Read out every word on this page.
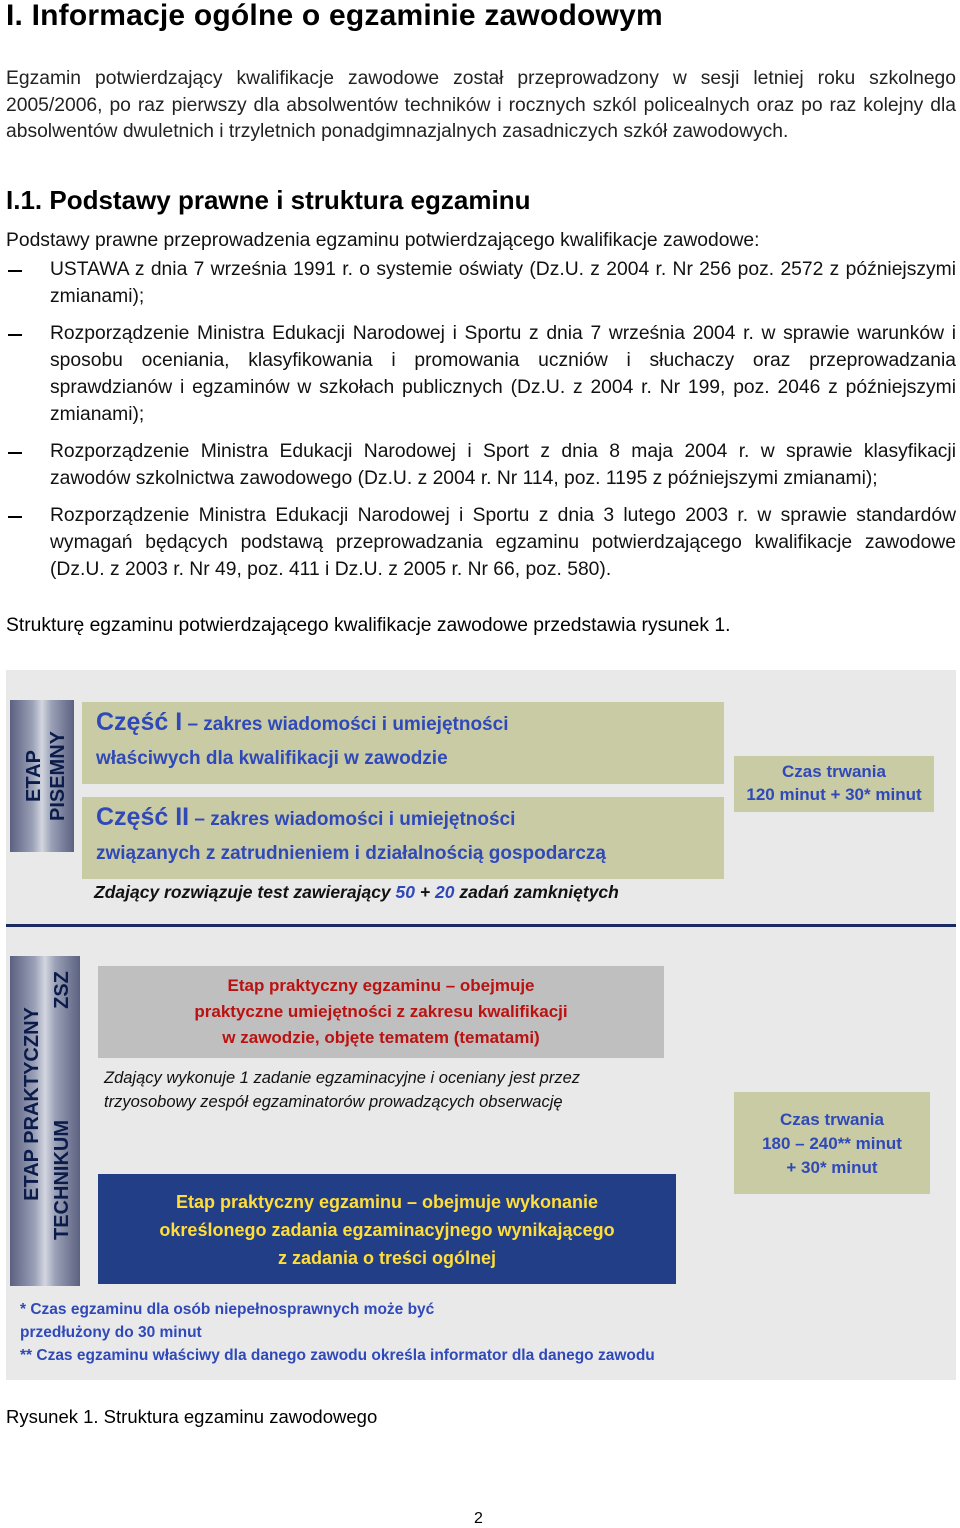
I. Informacje ogólne o egzaminie zawodowym

Egzamin potwierdzający kwalifikacje zawodowe został przeprowadzony w sesji letniej roku szkolnego 2005/2006, po raz pierwszy dla absolwentów techników i rocznych szkól policealnych oraz po raz kolejny dla absolwentów dwuletnich i trzyletnich ponadgimnazjalnych zasadniczych szkół zawodowych.

I.1. Podstawy prawne i struktura egzaminu

Podstawy prawne przeprowadzenia egzaminu potwierdzającego kwalifikacje zawodowe:

USTAWA z dnia 7 września 1991 r. o systemie oświaty (Dz.U. z 2004 r. Nr 256 poz. 2572 z późniejszymi zmianami);
Rozporządzenie Ministra Edukacji Narodowej i Sportu z dnia 7 września 2004 r. w sprawie warunków i sposobu oceniania, klasyfikowania i promowania uczniów i słuchaczy oraz przeprowadzania sprawdzianów i egzaminów w szkołach publicznych (Dz.U. z 2004 r. Nr 199, poz. 2046 z późniejszymi zmianami);
Rozporządzenie Ministra Edukacji Narodowej i Sport z dnia 8 maja 2004 r. w sprawie klasyfikacji zawodów szkolnictwa zawodowego (Dz.U. z 2004 r. Nr 114, poz. 1195 z późniejszymi zmianami);
Rozporządzenie Ministra Edukacji Narodowej i Sportu z dnia 3 lutego 2003 r. w sprawie standardów wymagań będących podstawą przeprowadzania egzaminu potwierdzającego kwalifikacje zawodowe (Dz.U. z 2003 r. Nr 49, poz. 411 i Dz.U. z 2005 r. Nr 66, poz. 580).

Strukturę egzaminu potwierdzającego kwalifikacje zawodowe przedstawia rysunek 1.

ETAP PISEMNY
Część I – zakres wiadomości i umiejętności
właściwych dla kwalifikacji w zawodzie
Część II – zakres wiadomości i umiejętności
związanych z zatrudnieniem i działalnością gospodarczą
Czas trwania
120 minut + 30* minut
Zdający rozwiązuje test zawierający 50 + 20 zadań zamkniętych
ETAP PRAKTYCZNY
ZSZ
TECHNIKUM
Etap praktyczny egzaminu – obejmuje
praktyczne umiejętności z zakresu kwalifikacji
w zawodzie, objęte tematem (tematami)
Zdający wykonuje 1 zadanie egzaminacyjne i oceniany jest przez
trzyosobowy zespół egzaminatorów prowadzących obserwację
Czas trwania
180 – 240** minut
+ 30* minut
Etap praktyczny egzaminu – obejmuje wykonanie
określonego zadania egzaminacyjnego wynikającego
z zadania o treści ogólnej
* Czas egzaminu dla osób niepełnosprawnych może być
przedłużony do 30 minut
** Czas egzaminu właściwy dla danego zawodu określa informator dla danego zawodu

Rysunek 1. Struktura egzaminu zawodowego

2
